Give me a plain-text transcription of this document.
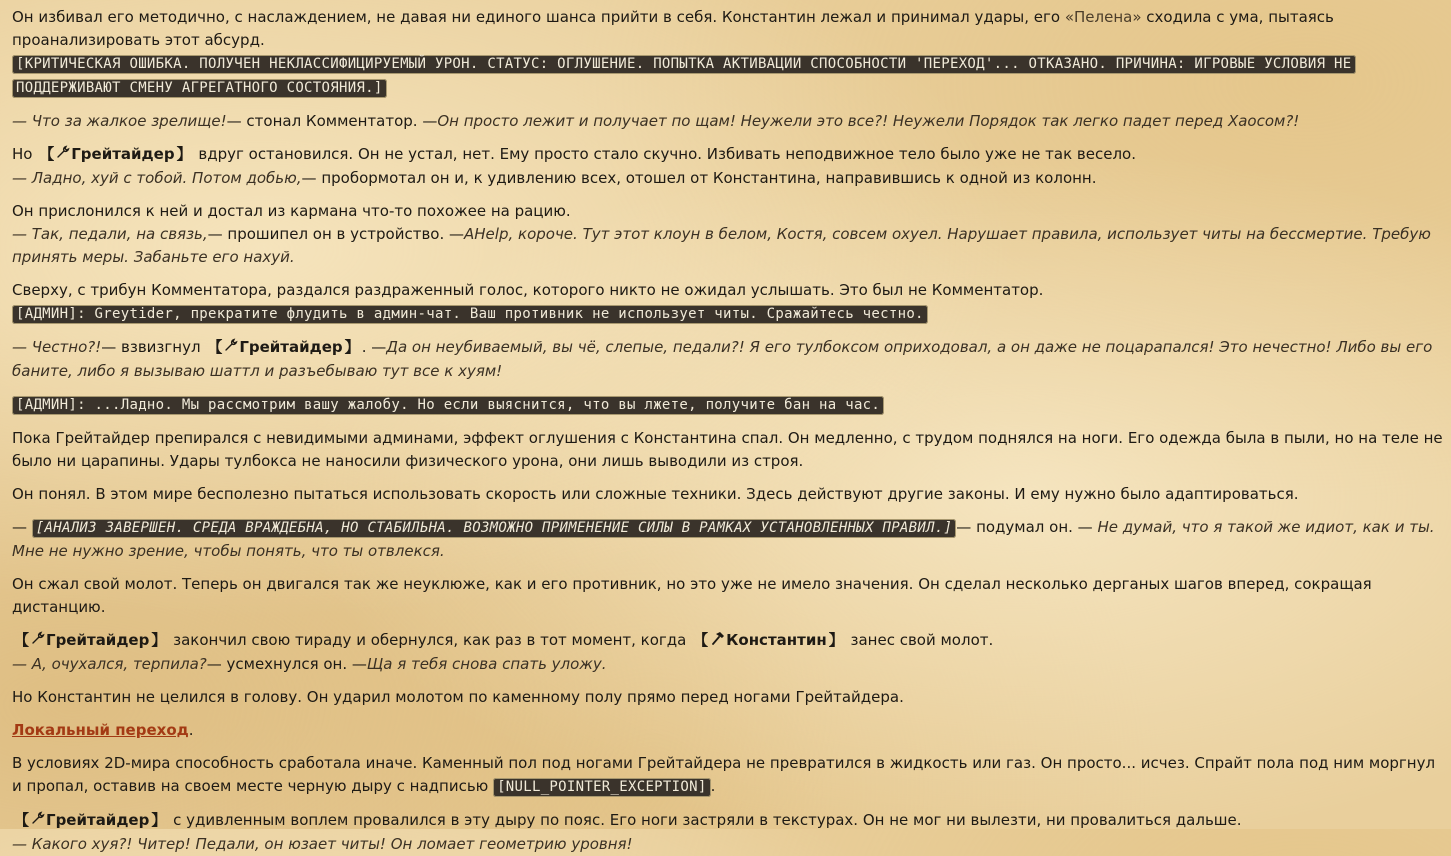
Он избивал его методично, с наслаждением, не давая ни единого шанса прийти в себя. Константин лежал и принимал удары, его «Пелена» сходила с ума, пытаясь проанализировать этот абсурд.
[КРИТИЧЕСКАЯ ОШИБКА. ПОЛУЧЕН НЕКЛАССИФИЦИРУЕМЫЙ УРОН. СТАТУС: ОГЛУШЕНИЕ. ПОПЫТКА АКТИВАЦИИ СПОСОБНОСТИ 'ПЕРЕХОД'... ОТКАЗАНО. ПРИЧИНА: ИГРОВЫЕ УСЛОВИЯ НЕ ПОДДЕРЖИВАЮТ СМЕНУ АГРЕГАТНОГО СОСТОЯНИЯ.]

— Что за жалкое зрелище!— стонал Комментатор. —Он просто лежит и получает по щам! Неужели это все?! Неужели Порядок так легко падет перед Хаосом?!

Но 【 Грейтайдер 】 вдруг остановился. Он не устал, нет. Ему просто стало скучно. Избивать неподвижное тело было уже не так весело.
— Ладно, хуй с тобой. Потом добью,— пробормотал он и, к удивлению всех, отошел от Константина, направившись к одной из колонн.

Он прислонился к ней и достал из кармана что-то похожее на рацию.
— Так, педали, на связь,— прошипел он в устройство. —AHelp, короче. Тут этот клоун в белом, Костя, совсем охуел. Нарушает правила, использует читы на бессмертие. Требую принять меры. Забаньте его нахуй.

Сверху, с трибун Комментатора, раздался раздраженный голос, которого никто не ожидал услышать. Это был не Комментатор.
[АДМИН]: Greytider, прекратите флудить в админ-чат. Ваш противник не использует читы. Сражайтесь честно.

— Честно?!— взвизгнул 【 Грейтайдер 】 . —Да он неубиваемый, вы чё, слепые, педали?! Я его тулбоксом оприходовал, а он даже не поцарапался! Это нечестно! Либо вы его баните, либо я вызываю шаттл и разъебываю тут все к хуям!

[АДМИН]: ...Ладно. Мы рассмотрим вашу жалобу. Но если выяснится, что вы лжете, получите бан на час.

Пока Грейтайдер препирался с невидимыми админами, эффект оглушения с Константина спал. Он медленно, с трудом поднялся на ноги. Его одежда была в пыли, но на теле не было ни царапины. Удары тулбокса не наносили физического урона, они лишь выводили из строя.

Он понял. В этом мире бесполезно пытаться использовать скорость или сложные техники. Здесь действуют другие законы. И ему нужно было адаптироваться.

— [АНАЛИЗ ЗАВЕРШЕН. СРЕДА ВРАЖДЕБНА, НО СТАБИЛЬНА. ВОЗМОЖНО ПРИМЕНЕНИЕ СИЛЫ В РАМКАХ УСТАНОВЛЕННЫХ ПРАВИЛ.] — подумал он. — Не думай, что я такой же идиот, как и ты. Мне не нужно зрение, чтобы понять, что ты отвлекся.

Он сжал свой молот. Теперь он двигался так же неуклюже, как и его противник, но это уже не имело значения. Он сделал несколько дерганых шагов вперед, сокращая дистанцию.

【 Грейтайдер 】 закончил свою тираду и обернулся, как раз в тот момент, когда 【 Константин 】 занес свой молот.
— А, очухался, терпила?— усмехнулся он. —Ща я тебя снова спать уложу.

Но Константин не целился в голову. Он ударил молотом по каменному полу прямо перед ногами Грейтайдера.

Локальный переход.

В условиях 2D-мира способность сработала иначе. Каменный пол под ногами Грейтайдера не превратился в жидкость или газ. Он просто... исчез. Спрайт пола под ним моргнул и пропал, оставив на своем месте черную дыру с надписью [NULL_POINTER_EXCEPTION] .

【 Грейтайдер 】 с удивленным воплем провалился в эту дыру по пояс. Его ноги застряли в текстурах. Он не мог ни вылезти, ни провалиться дальше.
— Какого хуя?! Читер! Педали, он юзает читы! Он ломает геометрию уровня!
